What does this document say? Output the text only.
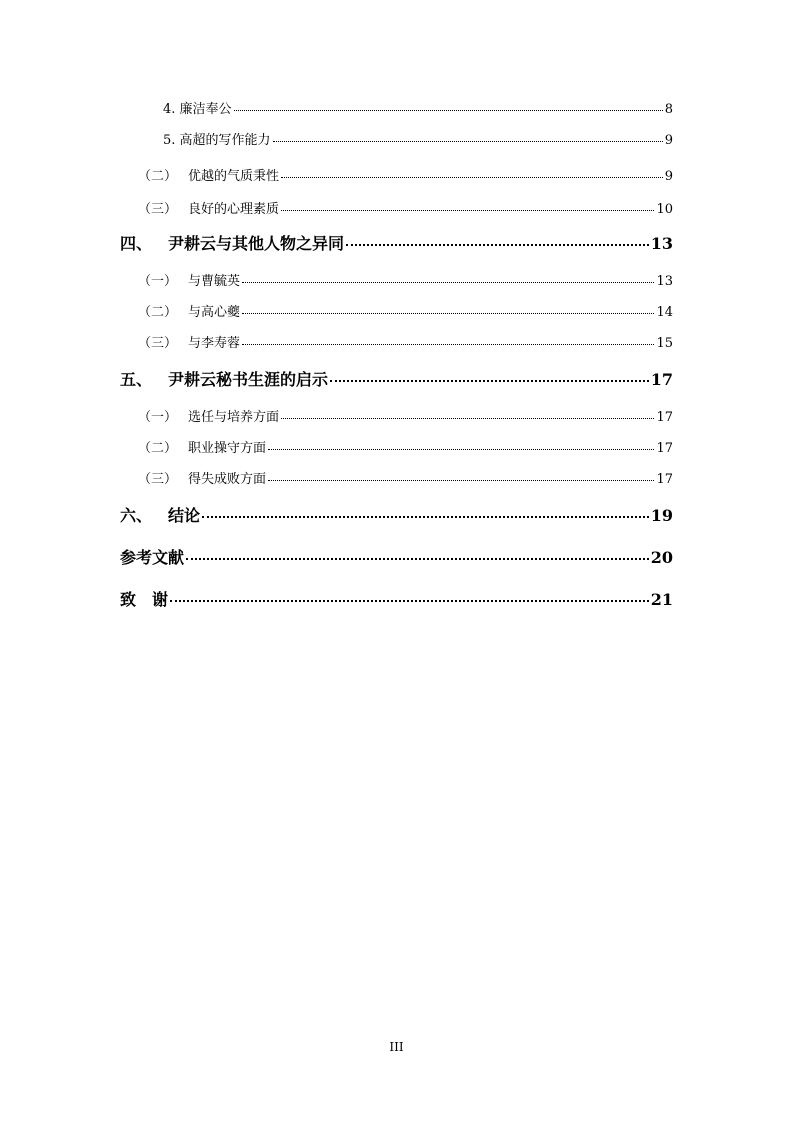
4. 廉洁奉公	8
5. 高超的写作能力	9
（二） 优越的气质秉性	9
（三） 良好的心理素质	10
四、 尹耕云与其他人物之异同	13
（一） 与曹毓英	13
（二） 与高心夔	14
（三） 与李寿蓉	15
五、 尹耕云秘书生涯的启示	17
（一） 选任与培养方面	17
（二） 职业操守方面	17
（三） 得失成败方面	17
六、 结论	19
参考文献	20
致　谢	21
III
